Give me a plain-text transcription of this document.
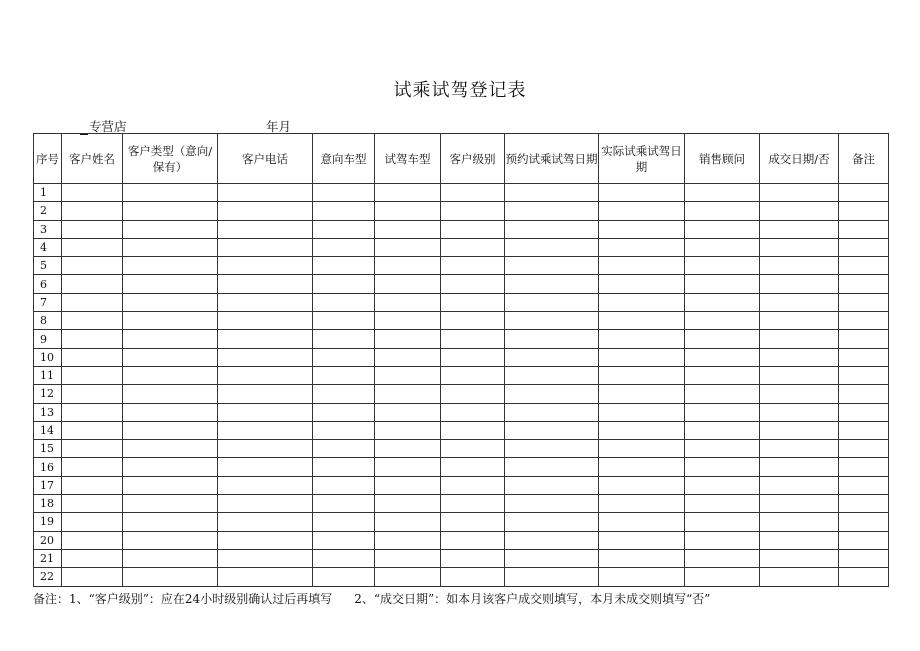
试乘试驾登记表
专营店	年月
序号	客户姓名	客户类型（意向/保有）	客户电话	意向车型	试驾车型	客户级别	预约试乘试驾日期	实际试乘试驾日期	销售顾问	成交日期/否	备注
1											
2											
3											
4											
5											
6											
7											
8											
9											
10											
11											
12											
13											
14											
15											
16											
17											
18											
19											
20											
21											
22											
备注：1、“客户级别”：应在24小时级别确认过后再填写 2、“成交日期”：如本月该客户成交则填写，本月未成交则填写“否”
